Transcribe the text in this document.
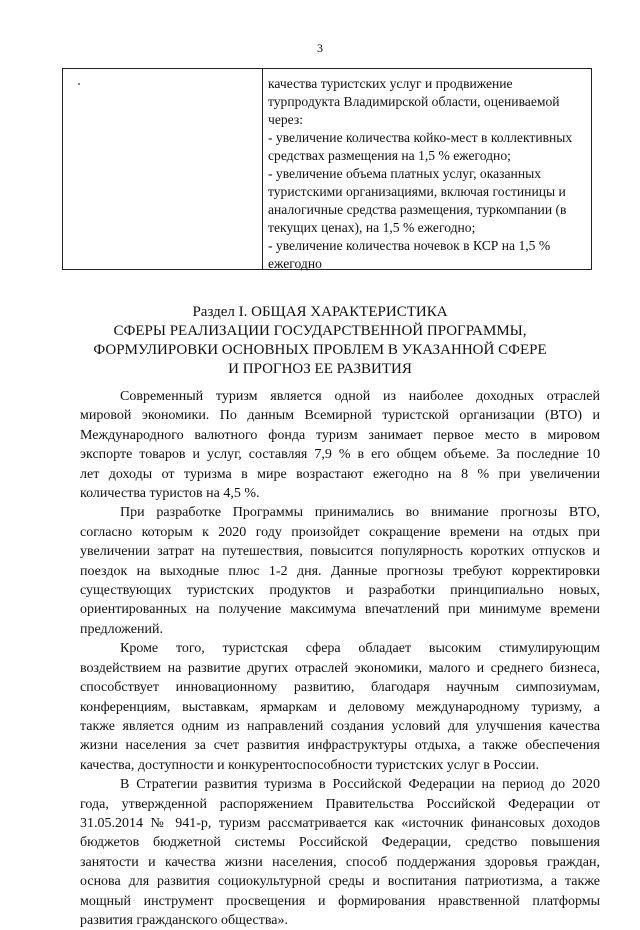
3
качества туристских услуг и продвижение
турпродукта Владимирской области, оцениваемой
через:
- увеличение количества койко-мест в коллективных
средствах размещения на 1,5 % ежегодно;
- увеличение объема платных услуг, оказанных
туристскими организациями, включая гостиницы и
аналогичные средства размещения, туркомпании (в
текущих ценах), на 1,5 % ежегодно;
- увеличение количества ночевок в КСР на 1,5 %
ежегодно
Раздел I. ОБЩАЯ ХАРАКТЕРИСТИКА
СФЕРЫ РЕАЛИЗАЦИИ ГОСУДАРСТВЕННОЙ ПРОГРАММЫ,
ФОРМУЛИРОВКИ ОСНОВНЫХ ПРОБЛЕМ В УКАЗАННОЙ СФЕРЕ
И ПРОГНОЗ ЕЕ РАЗВИТИЯ
Современный туризм является одной из наиболее доходных отраслей
мировой экономики. По данным Всемирной туристской организации (ВТО) и
Международного валютного фонда туризм занимает первое место в мировом
экспорте товаров и услуг, составляя 7,9 % в его общем объеме. За последние 10
лет доходы от туризма в мире возрастают ежегодно на 8 % при увеличении
количества туристов на 4,5 %.
При разработке Программы принимались во внимание прогнозы ВТО,
согласно которым к 2020 году произойдет сокращение времени на отдых при
увеличении затрат на путешествия, повысится популярность коротких отпусков и
поездок на выходные плюс 1-2 дня. Данные прогнозы требуют корректировки
существующих туристских продуктов и разработки принципиально новых,
ориентированных на получение максимума впечатлений при минимуме времени
предложений.
Кроме того, туристская сфера обладает высоким стимулирующим
воздействием на развитие других отраслей экономики, малого и среднего бизнеса,
способствует инновационному развитию, благодаря научным симпозиумам,
конференциям, выставкам, ярмаркам и деловому международному туризму, а
также является одним из направлений создания условий для улучшения качества
жизни населения за счет развития инфраструктуры отдыха, а также обеспечения
качества, доступности и конкурентоспособности туристских услуг в России.
В Стратегии развития туризма в Российской Федерации на период до 2020
года, утвержденной распоряжением Правительства Российской Федерации от
31.05.2014 № 941-р, туризм рассматривается как «источник финансовых доходов
бюджетов бюджетной системы Российской Федерации, средство повышения
занятости и качества жизни населения, способ поддержания здоровья граждан,
основа для развития социокультурной среды и воспитания патриотизма, а также
мощный инструмент просвещения и формирования нравственной платформы
развития гражданского общества».
